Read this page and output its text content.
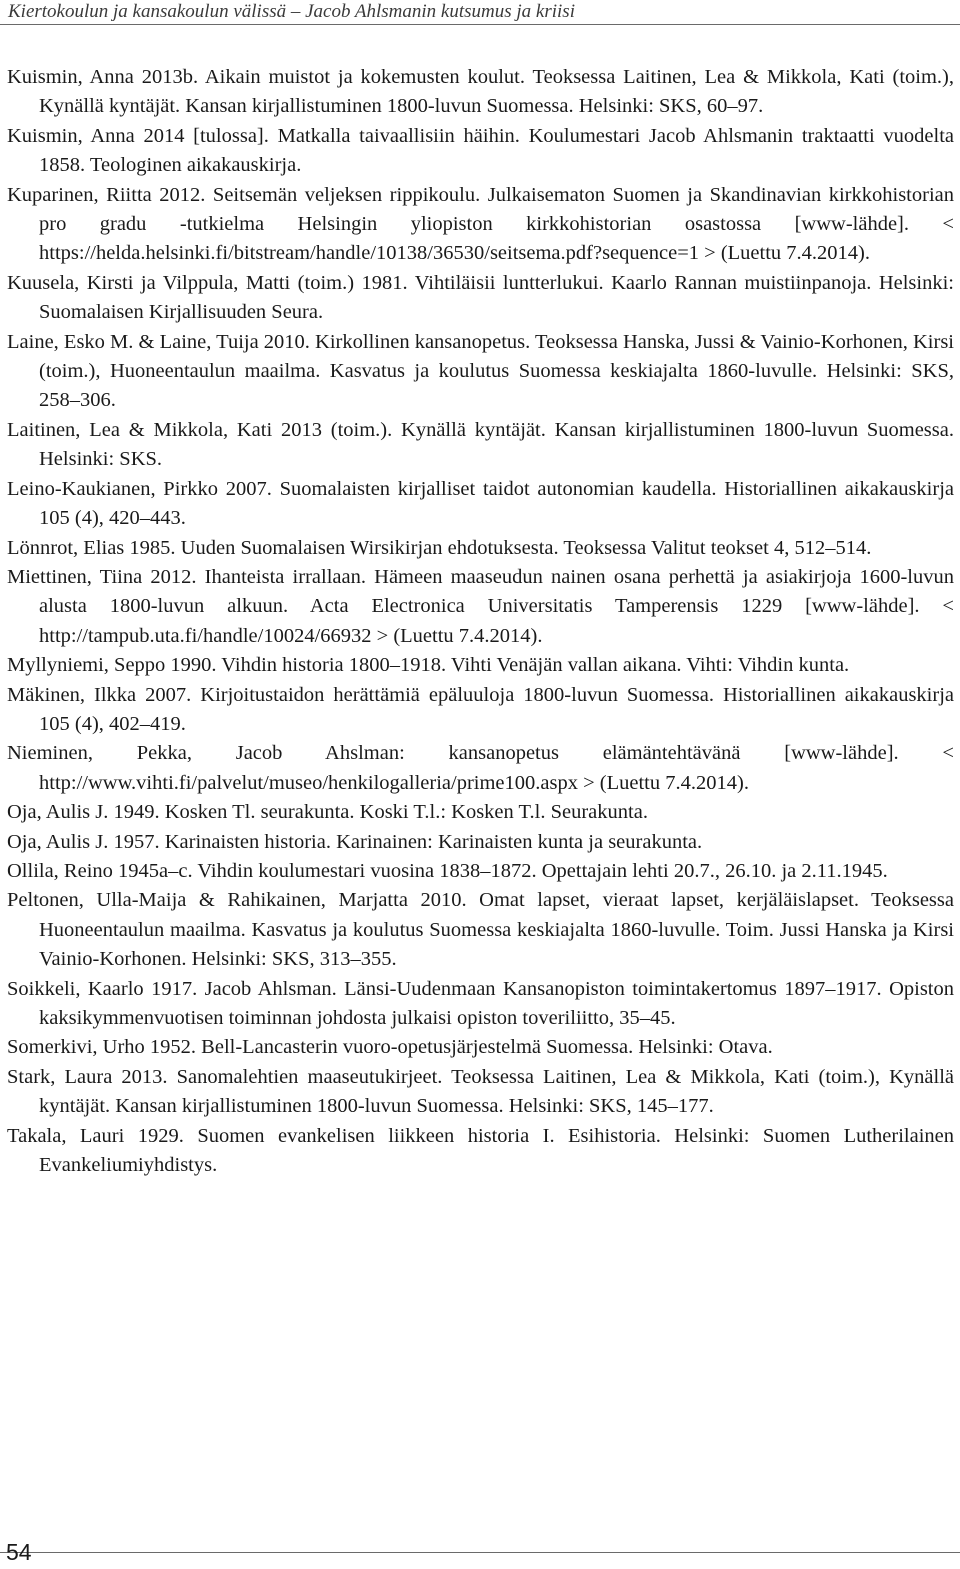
Kiertokoulun ja kansakoulun välissä – Jacob Ahlsmanin kutsumus ja kriisi
Kuismin, Anna 2013b. Aikain muistot ja kokemusten koulut. Teoksessa Laitinen, Lea & Mikkola, Kati (toim.), Kynällä kyntäjät. Kansan kirjallistuminen 1800-luvun Suomessa. Helsinki: SKS, 60–97.
Kuismin, Anna 2014 [tulossa]. Matkalla taivaallisiin häihin. Koulumestari Jacob Ahlsmanin traktaatti vuodelta 1858. Teologinen aikakauskirja.
Kuparinen, Riitta 2012. Seitsemän veljeksen rippikoulu. Julkaisematon Suomen ja Skandinavian kirkkohistorian pro gradu -tutkielma Helsingin yliopiston kirkkohistorian osastossa [www-lähde]. < https://helda.helsinki.fi/bitstream/handle/10138/36530/seitsema.pdf?sequence=1 > (Luettu 7.4.2014).
Kuusela, Kirsti ja Vilppula, Matti (toim.) 1981. Vihtiläisii luntterlukui. Kaarlo Rannan muistiinpanoja. Helsinki: Suomalaisen Kirjallisuuden Seura.
Laine, Esko M. & Laine, Tuija 2010. Kirkollinen kansanopetus. Teoksessa Hanska, Jussi & Vainio-Korhonen, Kirsi (toim.), Huoneentaulun maailma. Kasvatus ja koulutus Suomessa keskiajalta 1860-luvulle. Helsinki: SKS, 258–306.
Laitinen, Lea & Mikkola, Kati 2013 (toim.). Kynällä kyntäjät. Kansan kirjallistuminen 1800-luvun Suomessa. Helsinki: SKS.
Leino-Kaukianen, Pirkko 2007. Suomalaisten kirjalliset taidot autonomian kaudella. Historiallinen aikakauskirja 105 (4), 420–443.
Lönnrot, Elias 1985. Uuden Suomalaisen Wirsikirjan ehdotuksesta. Teoksessa Valitut teokset 4, 512–514.
Miettinen, Tiina 2012. Ihanteista irrallaan. Hämeen maaseudun nainen osana perhettä ja asiakirjoja 1600-luvun alusta 1800-luvun alkuun. Acta Electronica Universitatis Tamperensis 1229 [www-lähde]. < http://tampub.uta.fi/handle/10024/66932 > (Luettu 7.4.2014).
Myllyniemi, Seppo 1990. Vihdin historia 1800–1918. Vihti Venäjän vallan aikana. Vihti: Vihdin kunta.
Mäkinen, Ilkka 2007. Kirjoitustaidon herättämiä epäluuloja 1800-luvun Suomessa. Historiallinen aikakauskirja 105 (4), 402–419.
Nieminen, Pekka, Jacob Ahslman: kansanopetus elämäntehtävänä [www-lähde]. < http://www.vihti.fi/palvelut/museo/henkilogalleria/prime100.aspx > (Luettu 7.4.2014).
Oja, Aulis J. 1949. Kosken Tl. seurakunta. Koski T.l.: Kosken T.l. Seurakunta.
Oja, Aulis J. 1957. Karinaisten historia. Karinainen: Karinaisten kunta ja seurakunta.
Ollila, Reino 1945a–c. Vihdin koulumestari vuosina 1838–1872. Opettajain lehti 20.7., 26.10. ja 2.11.1945.
Peltonen, Ulla-Maija & Rahikainen, Marjatta 2010. Omat lapset, vieraat lapset, kerjäläislapset. Teoksessa Huoneentaulun maailma. Kasvatus ja koulutus Suomessa keskiajalta 1860-luvulle. Toim. Jussi Hanska ja Kirsi Vainio-Korhonen. Helsinki: SKS, 313–355.
Soikkeli, Kaarlo 1917. Jacob Ahlsman. Länsi-Uudenmaan Kansanopiston toimintakertomus 1897–1917. Opiston kaksikymmenvuotisen toiminnan johdosta julkaisi opiston toveriliitto, 35–45.
Somerkivi, Urho 1952. Bell-Lancasterin vuoro-opetusjärjestelmä Suomessa. Helsinki: Otava.
Stark, Laura 2013. Sanomalehtien maaseutukirjeet. Teoksessa Laitinen, Lea & Mikkola, Kati (toim.), Kynällä kyntäjät. Kansan kirjallistuminen 1800-luvun Suomessa. Helsinki: SKS, 145–177.
Takala, Lauri 1929. Suomen evankelisen liikkeen historia I. Esihistoria. Helsinki: Suomen Lutherilainen Evankeliumiyhdistys.
54
